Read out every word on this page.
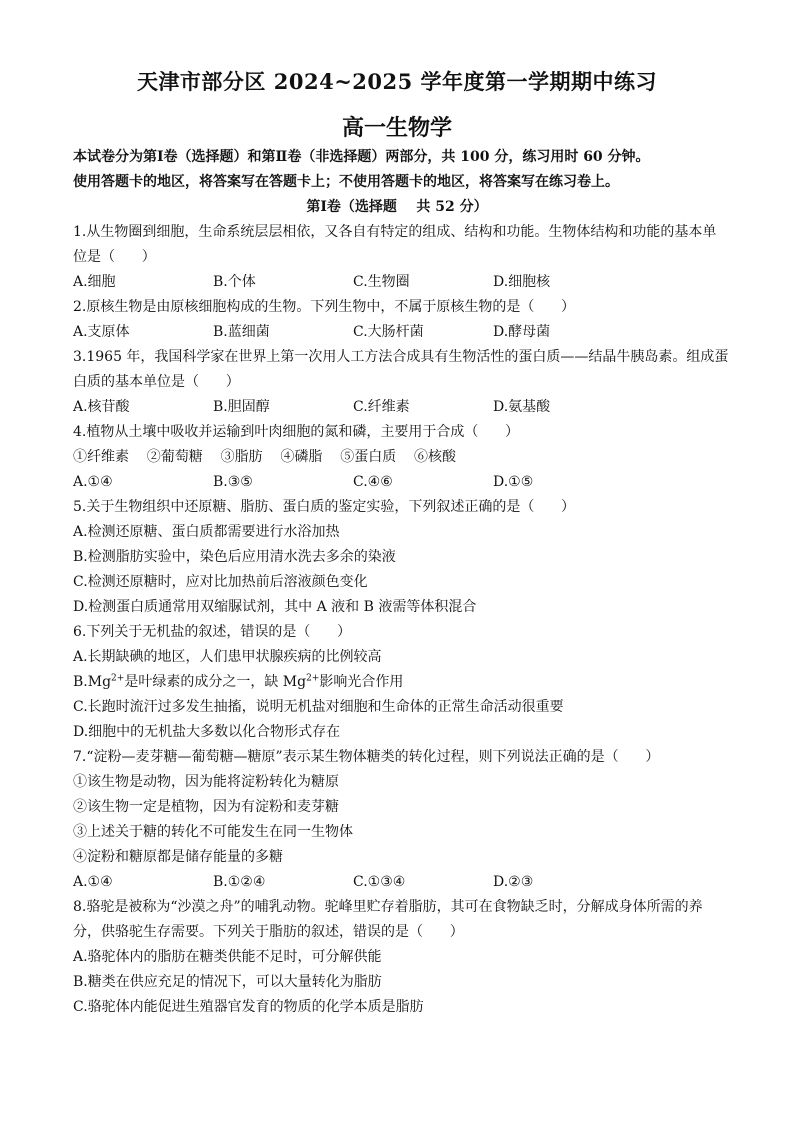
天津市部分区 2024~2025 学年度第一学期期中练习
高一生物学
本试卷分为第Ⅰ卷（选择题）和第Ⅱ卷（非选择题）两部分，共 100 分，练习用时 60 分钟。
使用答题卡的地区，将答案写在答题卡上；不使用答题卡的地区，将答案写在练习卷上。
第Ⅰ卷（选择题    共 52 分）
1.从生物圈到细胞，生命系统层层相依，又各自有特定的组成、结构和功能。生物体结构和功能的基本单
位是（      ）
A.细胞	B.个体	C.生物圈	D.细胞核
2.原核生物是由原核细胞构成的生物。下列生物中，不属于原核生物的是（      ）
A.支原体	B.蓝细菌	C.大肠杆菌	D.酵母菌
3.1965 年，我国科学家在世界上第一次用人工方法合成具有生物活性的蛋白质——结晶牛胰岛素。组成蛋
白质的基本单位是（      ）
A.核苷酸	B.胆固醇	C.纤维素	D.氨基酸
4.植物从土壤中吸收并运输到叶肉细胞的氮和磷，主要用于合成（      ）
①纤维素    ②葡萄糖    ③脂肪    ④磷脂    ⑤蛋白质    ⑥核酸
A.①④	B.③⑤	C.④⑥	D.①⑤
5.关于生物组织中还原糖、脂肪、蛋白质的鉴定实验，下列叙述正确的是（      ）
A.检测还原糖、蛋白质都需要进行水浴加热
B.检测脂肪实验中，染色后应用清水洗去多余的染液
C.检测还原糖时，应对比加热前后溶液颜色变化
D.检测蛋白质通常用双缩脲试剂，其中 A 液和 B 液需等体积混合
6.下列关于无机盐的叙述，错误的是（      ）
A.长期缺碘的地区，人们患甲状腺疾病的比例较高
$B.Mg^{2+}$是叶绿素的成分之一，缺 $Mg^{2+}$影响光合作用
C.长跑时流汗过多发生抽搐，说明无机盐对细胞和生命体的正常生命活动很重要
D.细胞中的无机盐大多数以化合物形式存在
7.“淀粉—麦芽糖—葡萄糖—糖原”表示某生物体糖类的转化过程，则下列说法正确的是（      ）
①该生物是动物，因为能将淀粉转化为糖原
②该生物一定是植物，因为有淀粉和麦芽糖
③上述关于糖的转化不可能发生在同一生物体
④淀粉和糖原都是储存能量的多糖
A.①④	B.①②④	C.①③④	D.②③
8.骆驼是被称为“沙漠之舟”的哺乳动物。驼峰里贮存着脂肪，其可在食物缺乏时，分解成身体所需的养
分，供骆驼生存需要。下列关于脂肪的叙述，错误的是（      ）
A.骆驼体内的脂肪在糖类供能不足时，可分解供能
B.糖类在供应充足的情况下，可以大量转化为脂肪
C.骆驼体内能促进生殖器官发育的物质的化学本质是脂肪
